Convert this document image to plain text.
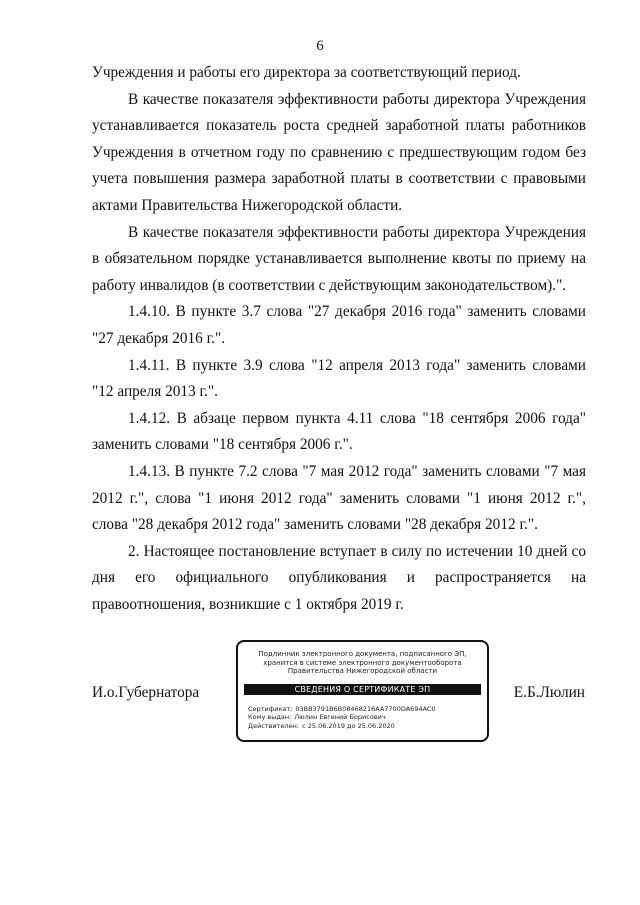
6

Учреждения и работы его директора за соответствующий период.

В качестве показателя эффективности работы директора Учреждения устанавливается показатель роста средней заработной платы работников Учреждения в отчетном году по сравнению с предшествующим годом без учета повышения размера заработной платы в соответствии с правовыми актами Правительства Нижегородской области.

В качестве показателя эффективности работы директора Учреждения в обязательном порядке устанавливается выполнение квоты по приему на работу инвалидов (в соответствии с действующим законодательством).".

1.4.10. В пункте 3.7 слова "27 декабря 2016 года" заменить словами "27 декабря 2016 г.".

1.4.11. В пункте 3.9 слова "12 апреля 2013 года" заменить словами "12 апреля 2013 г.".

1.4.12. В абзаце первом пункта 4.11 слова "18 сентября 2006 года" заменить словами "18 сентября 2006 г.".

1.4.13. В пункте 7.2 слова "7 мая 2012 года" заменить словами "7 мая 2012 г.", слова "1 июня 2012 года" заменить словами "1 июня 2012 г.", слова "28 декабря 2012 года" заменить словами "28 декабря 2012 г.".

2. Настоящее постановление вступает в силу по истечении 10 дней со дня его официального опубликования и распространяется на правоотношения, возникшие с 1 октября 2019 г.

И.о.Губернатора	Е.Б.Люлин
Подлинник электронного документа, подписанного ЭП,
хранится в системе электронного документооборота
Правительства Нижегородской области
СВЕДЕНИЯ О СЕРТИФИКАТЕ ЭП
Сертификат: 03BB3791B6B08468216AA7700DA694AC0
Кому выдан: Люлин Евгений Борисович
Действителен: с 25.06.2019 до 25.06.2020
